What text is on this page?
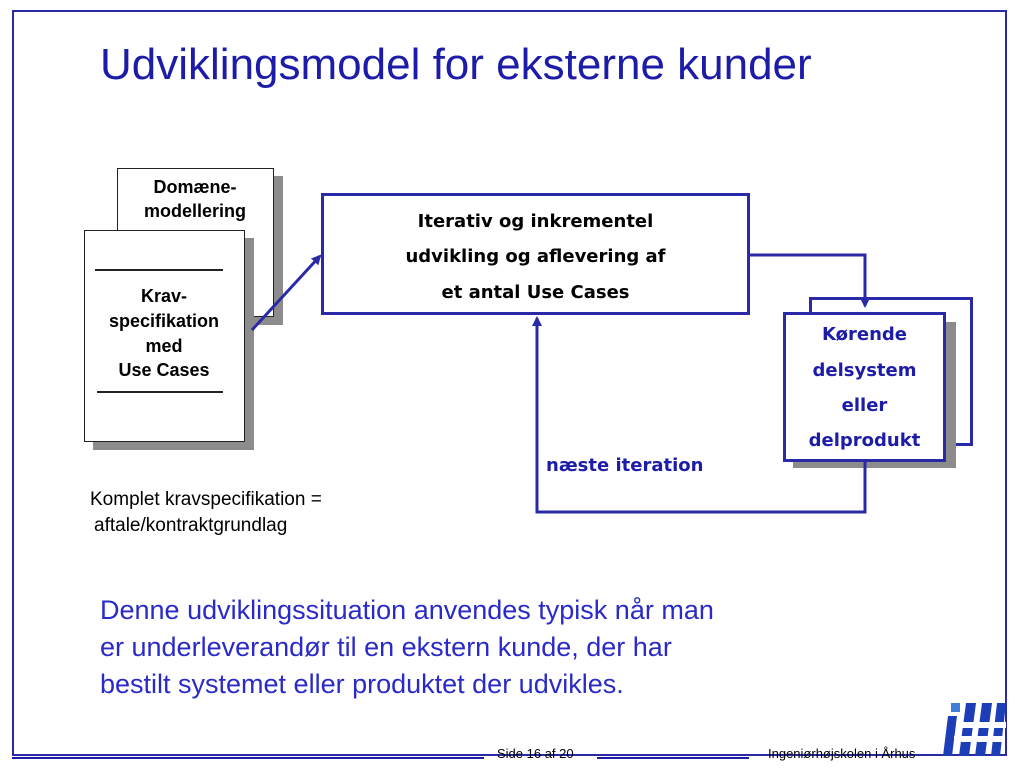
Udviklingsmodel for eksterne kunder
Domæne-
modellering
Krav-
specifikation
med
Use Cases
Komplet kravspecifikation =
aftale/kontraktgrundlag
Iterativ og inkrementel
udvikling og aflevering af
et antal Use Cases
Kørende
delsystem
eller
delprodukt
næste iteration
Denne udviklingssituation anvendes typisk når man
er underleverandør til en ekstern kunde, der har
bestilt systemet eller produktet der udvikles.
Side 16 af 20	Ingeniørhøjskolen i Århus
